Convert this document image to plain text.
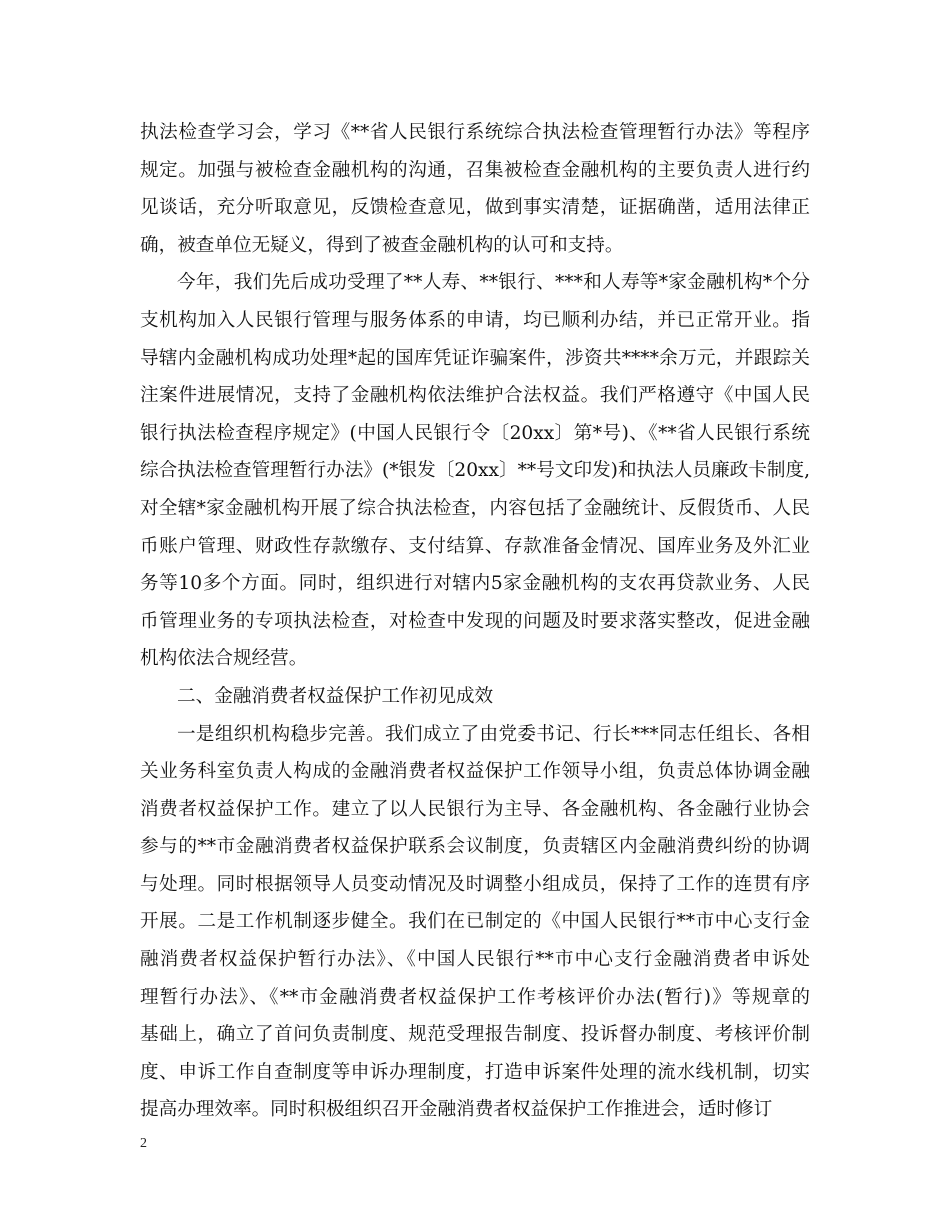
执法检查学习会，学习《**省人民银行系统综合执法检查管理暂行办法》等程序
规定。加强与被检查金融机构的沟通，召集被检查金融机构的主要负责人进行约
见谈话，充分听取意见，反馈检查意见，做到事实清楚，证据确凿，适用法律正
确，被查单位无疑义，得到了被查金融机构的认可和支持。
今年，我们先后成功受理了**人寿、**银行、***和人寿等*家金融机构*个分
支机构加入人民银行管理与服务体系的申请，均已顺利办结，并已正常开业。指
导辖内金融机构成功处理*起的国库凭证诈骗案件，涉资共****余万元，并跟踪关
注案件进展情况，支持了金融机构依法维护合法权益。我们严格遵守《中国人民
银行执法检查程序规定》(中国人民银行令〔20xx〕第*号)、《**省人民银行系统
综合执法检查管理暂行办法》(*银发〔20xx〕**号文印发)和执法人员廉政卡制度,
对全辖*家金融机构开展了综合执法检查，内容包括了金融统计、反假货币、人民
币账户管理、财政性存款缴存、支付结算、存款准备金情况、国库业务及外汇业
务等10多个方面。同时，组织进行对辖内5家金融机构的支农再贷款业务、人民
币管理业务的专项执法检查，对检查中发现的问题及时要求落实整改，促进金融
机构依法合规经营。
二、金融消费者权益保护工作初见成效
一是组织机构稳步完善。我们成立了由党委书记、行长***同志任组长、各相
关业务科室负责人构成的金融消费者权益保护工作领导小组，负责总体协调金融
消费者权益保护工作。建立了以人民银行为主导、各金融机构、各金融行业协会
参与的**市金融消费者权益保护联系会议制度，负责辖区内金融消费纠纷的协调
与处理。同时根据领导人员变动情况及时调整小组成员，保持了工作的连贯有序
开展。二是工作机制逐步健全。我们在已制定的《中国人民银行**市中心支行金
融消费者权益保护暂行办法》、《中国人民银行**市中心支行金融消费者申诉处
理暂行办法》、《**市金融消费者权益保护工作考核评价办法(暂行)》等规章的
基础上，确立了首问负责制度、规范受理报告制度、投诉督办制度、考核评价制
度、申诉工作自查制度等申诉办理制度，打造申诉案件处理的流水线机制，切实
提高办理效率。同时积极组织召开金融消费者权益保护工作推进会，适时修订
2
